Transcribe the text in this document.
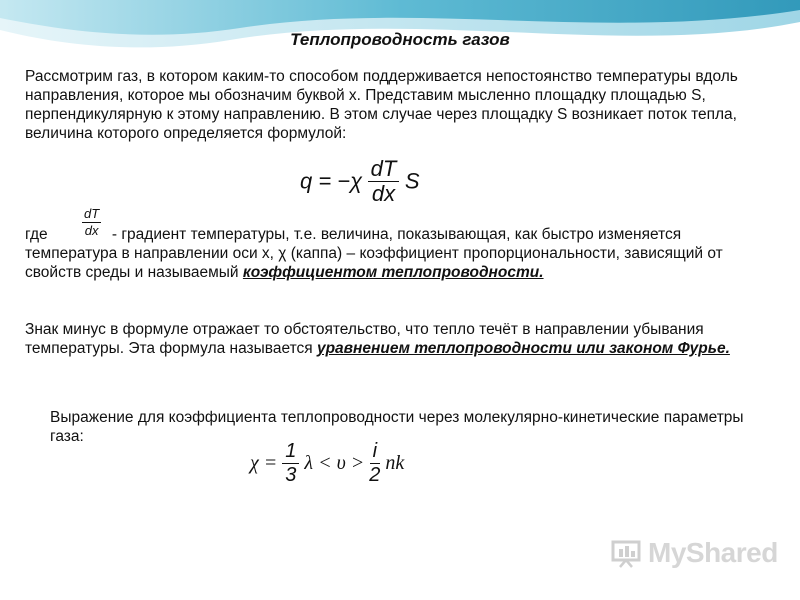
Теплопроводность газов
Рассмотрим газ, в котором каким-то способом поддерживается непостоянство температуры вдоль направления, которое мы обозначим буквой x. Представим мысленно площадку площадью S, перпендикулярную к этому направлению. В этом случае через площадку S возникает поток тепла, величина которого определяется формулой:
$q = -\chi \frac{dT}{dx}$ S
$\frac{dT}{dx}$
где	- градиент температуры, т.е. величина, показывающая, как быстро изменяется температура в направлении оси x, χ (каппа) – коэффициент пропорциональности, зависящий от свойств среды и называемый коэффициентом теплопроводности.
Знак минус в формуле отражает то обстоятельство, что тепло течёт в направлении убывания температуры. Эта формула называется уравнением теплопроводности или законом Фурье.
Выражение для коэффициента теплопроводности через молекулярно-кинетические параметры газа:
$\chi = \frac{1}{3}$ $\lambda < \upsilon > \frac{i}{2}$ nk
MyShared
